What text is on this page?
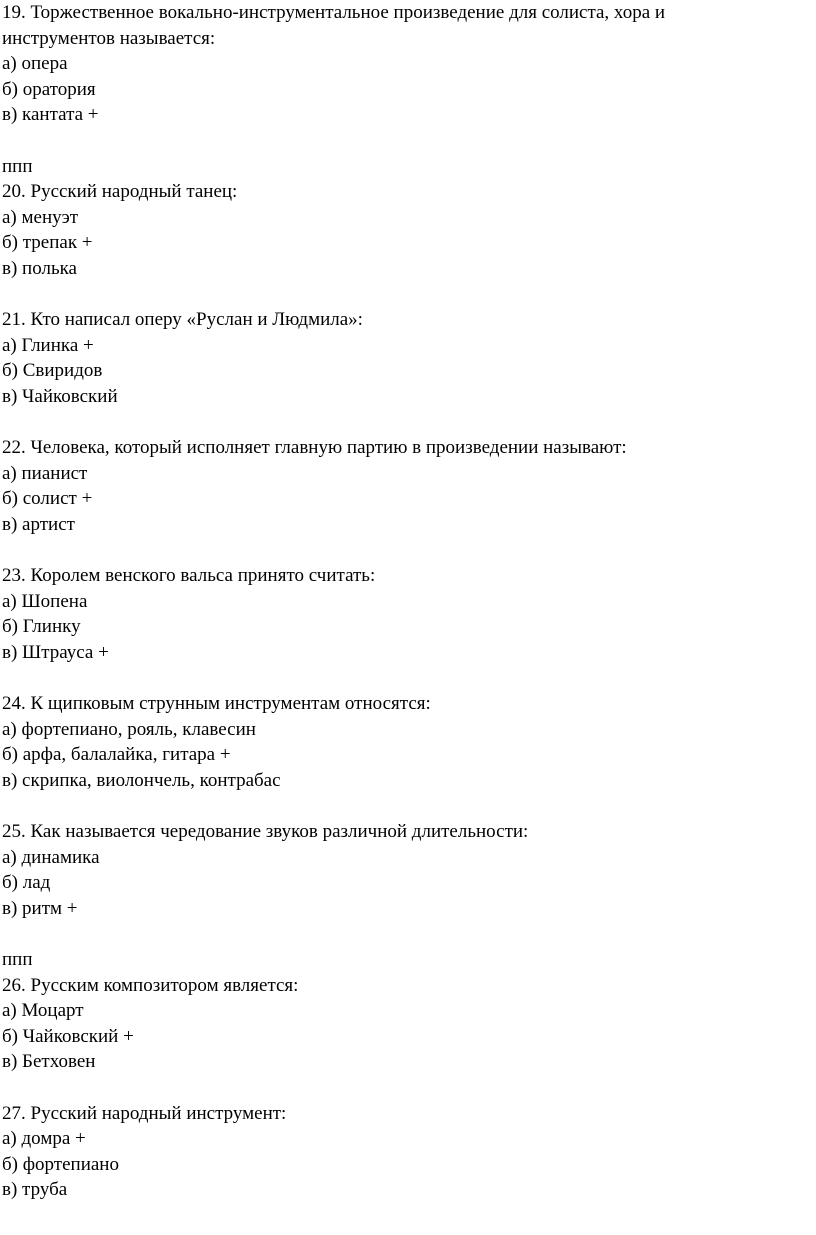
19. Торжественное вокально-инструментальное произведение для солиста, хора и
инструментов называется:
а) опера
б) оратория
в) кантата +
ппп
20. Русский народный танец:
а) менуэт
б) трепак +
в) полька
21. Кто написал оперу «Руслан и Людмила»:
а) Глинка +
б) Свиридов
в) Чайковский
22. Человека, который исполняет главную партию в произведении называют:
а) пианист
б) солист +
в) артист
23. Королем венского вальса принято считать:
а) Шопена
б) Глинку
в) Штрауса +
24. К щипковым струнным инструментам относятся:
а) фортепиано, рояль, клавесин
б) арфа, балалайка, гитара +
в) скрипка, виолончель, контрабас
25. Как называется чередование звуков различной длительности:
а) динамика
б) лад
в) ритм +
ппп
26. Русским композитором является:
а) Моцарт
б) Чайковский +
в) Бетховен
27. Русский народный инструмент:
а) домра +
б) фортепиано
в) труба
